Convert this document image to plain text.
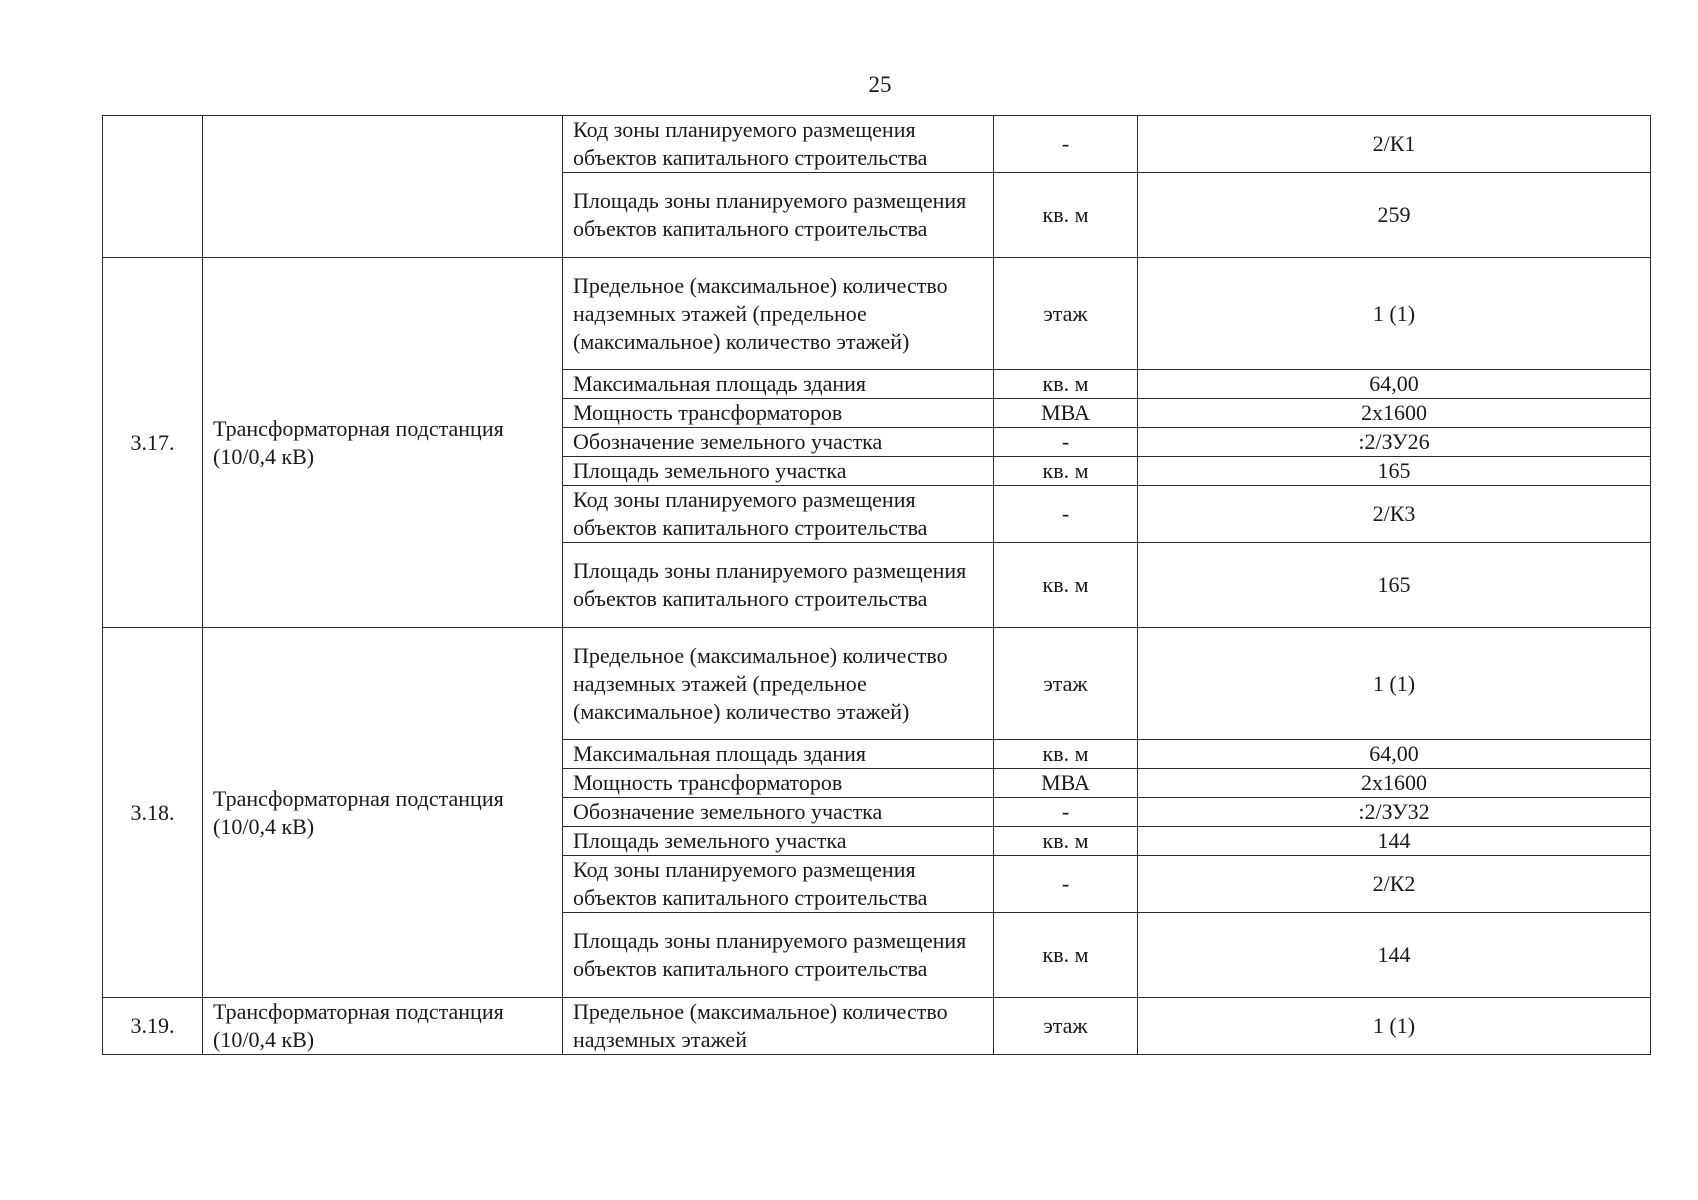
25
		Код зоны планируемого размещения объектов капитального строительства	-	2/К1
		Площадь зоны планируемого размещения объектов капитального строительства	кв. м	259
3.17.	Трансформаторная подстанция (10/0,4 кВ)	Предельное (максимальное) количество надземных этажей (предельное (максимальное) количество этажей)	этаж	1 (1)
		Максимальная площадь здания	кв. м	64,00
		Мощность трансформаторов	МВА	2х1600
		Обозначение земельного участка	-	:2/ЗУ26
		Площадь земельного участка	кв. м	165
		Код зоны планируемого размещения объектов капитального строительства	-	2/К3
		Площадь зоны планируемого размещения объектов капитального строительства	кв. м	165
3.18.	Трансформаторная подстанция (10/0,4 кВ)	Предельное (максимальное) количество надземных этажей (предельное (максимальное) количество этажей)	этаж	1 (1)
		Максимальная площадь здания	кв. м	64,00
		Мощность трансформаторов	МВА	2х1600
		Обозначение земельного участка	-	:2/ЗУ32
		Площадь земельного участка	кв. м	144
		Код зоны планируемого размещения объектов капитального строительства	-	2/К2
		Площадь зоны планируемого размещения объектов капитального строительства	кв. м	144
3.19.	Трансформаторная подстанция (10/0,4 кВ)	Предельное (максимальное) количество надземных этажей	этаж	1 (1)
